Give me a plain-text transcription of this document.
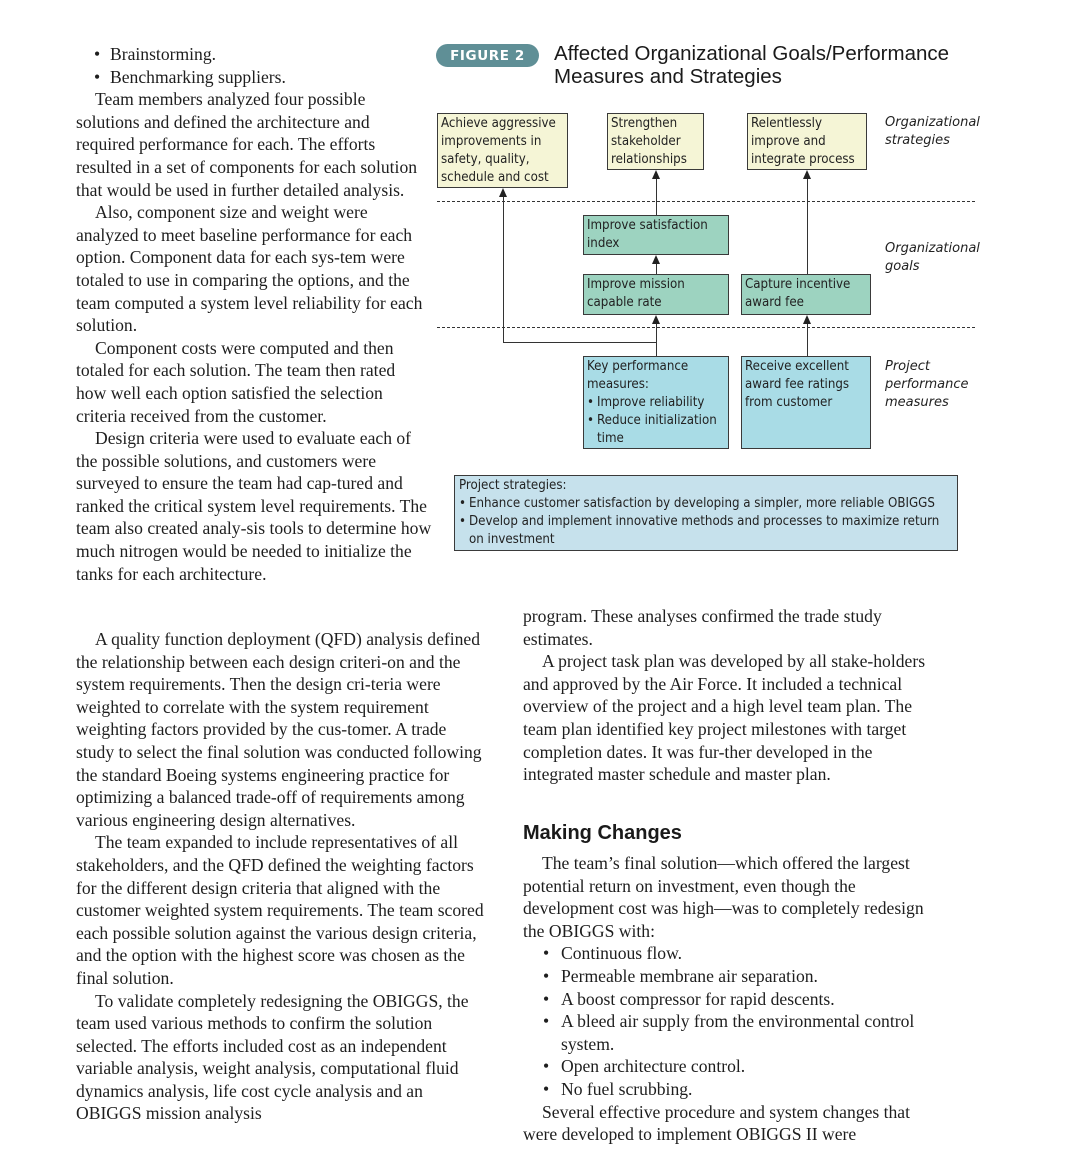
• Brainstorming.
• Benchmarking suppliers.

Team members analyzed four possible solutions and defined the architecture and required performance for each. The efforts resulted in a set of components for each solution that would be used in further detailed analysis.

Also, component size and weight were analyzed to meet baseline performance for each option. Component data for each sys-tem were totaled to use in comparing the options, and the team computed a system level reliability for each solution.

Component costs were computed and then totaled for each solution. The team then rated how well each option satisfied the selection criteria received from the customer.

Design criteria were used to evaluate each of the possible solutions, and customers were surveyed to ensure the team had cap-tured and ranked the critical system level requirements. The team also created analy-sis tools to determine how much nitrogen would be needed to initialize the tanks for each architecture.

A quality function deployment (QFD) analysis defined the relationship between each design criteri-on and the system requirements. Then the design cri-teria were weighted to correlate with the system requirement weighting factors provided by the cus-tomer. A trade study to select the final solution was conducted following the standard Boeing systems engineering practice for optimizing a balanced trade-off of requirements among various engineering design alternatives.

The team expanded to include representatives of all stakeholders, and the QFD defined the weighting factors for the different design criteria that aligned with the customer weighted system requirements. The team scored each possible solution against the various design criteria, and the option with the highest score was chosen as the final solution.

To validate completely redesigning the OBIGGS, the team used various methods to confirm the solution selected. The efforts included cost as an independent variable analysis, weight analysis, computational fluid dynamics analysis, life cost cycle analysis and an OBIGGS mission analysis

FIGURE 2	Affected Organizational Goals/Performance Measures and Strategies
Achieve aggressive improvements in safety, quality, schedule and cost
Strengthen stakeholder relationships
Relentlessly improve and integrate process
Organizational strategies
Improve satisfaction index
Improve mission capable rate
Capture incentive award fee
Organizational goals
Key performance measures:
• Improve reliability
• Reduce initialization time
Receive excellent award fee ratings from customer
Project performance measures
Project strategies:
• Enhance customer satisfaction by developing a simpler, more reliable OBIGGS
• Develop and implement innovative methods and processes to maximize return on investment

program. These analyses confirmed the trade study estimates.

A project task plan was developed by all stake-holders and approved by the Air Force. It included a technical overview of the project and a high level team plan. The team plan identified key project milestones with target completion dates. It was fur-ther developed in the integrated master schedule and master plan.

Making Changes

The team’s final solution—which offered the largest potential return on investment, even though the development cost was high—was to completely redesign the OBIGGS with:

• Continuous flow.
• Permeable membrane air separation.
• A boost compressor for rapid descents.
• A bleed air supply from the environmental control system.
• Open architecture control.
• No fuel scrubbing.

Several effective procedure and system changes that were developed to implement OBIGGS II were
